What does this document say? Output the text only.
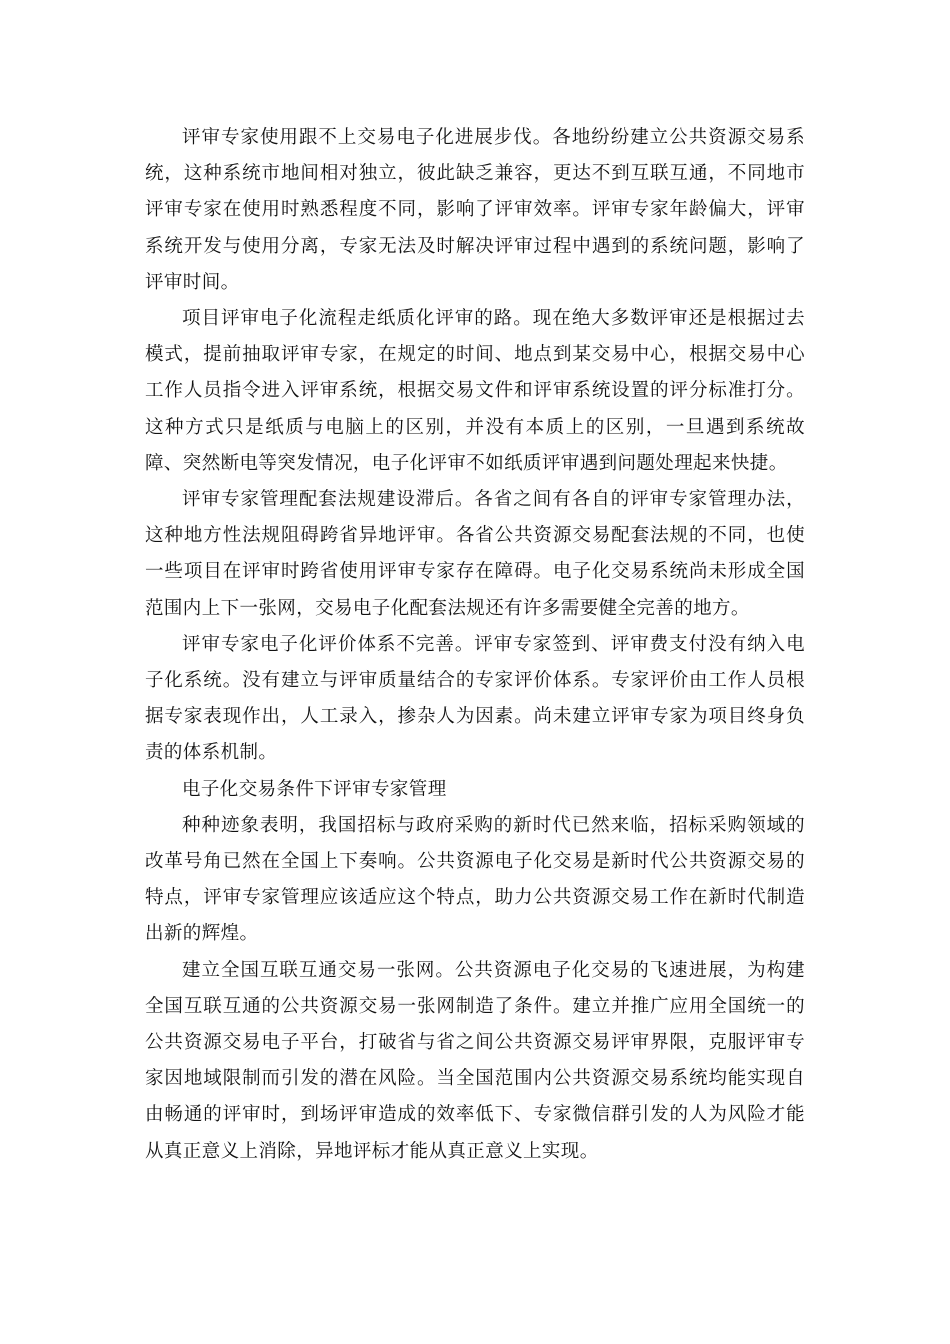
评审专家使用跟不上交易电子化进展步伐。各地纷纷建立公共资源交易系统，这种系统市地间相对独立，彼此缺乏兼容，更达不到互联互通，不同地市评审专家在使用时熟悉程度不同，影响了评审效率。评审专家年龄偏大，评审系统开发与使用分离，专家无法及时解决评审过程中遇到的系统问题，影响了评审时间。

项目评审电子化流程走纸质化评审的路。现在绝大多数评审还是根据过去模式，提前抽取评审专家，在规定的时间、地点到某交易中心，根据交易中心工作人员指令进入评审系统，根据交易文件和评审系统设置的评分标准打分。这种方式只是纸质与电脑上的区别，并没有本质上的区别，一旦遇到系统故障、突然断电等突发情况，电子化评审不如纸质评审遇到问题处理起来快捷。

评审专家管理配套法规建设滞后。各省之间有各自的评审专家管理办法，这种地方性法规阻碍跨省异地评审。各省公共资源交易配套法规的不同，也使一些项目在评审时跨省使用评审专家存在障碍。电子化交易系统尚未形成全国范围内上下一张网，交易电子化配套法规还有许多需要健全完善的地方。

评审专家电子化评价体系不完善。评审专家签到、评审费支付没有纳入电子化系统。没有建立与评审质量结合的专家评价体系。专家评价由工作人员根据专家表现作出，人工录入，掺杂人为因素。尚未建立评审专家为项目终身负责的体系机制。

电子化交易条件下评审专家管理

种种迹象表明，我国招标与政府采购的新时代已然来临，招标采购领域的改革号角已然在全国上下奏响。公共资源电子化交易是新时代公共资源交易的特点，评审专家管理应该适应这个特点，助力公共资源交易工作在新时代制造出新的辉煌。

建立全国互联互通交易一张网。公共资源电子化交易的飞速进展，为构建全国互联互通的公共资源交易一张网制造了条件。建立并推广应用全国统一的公共资源交易电子平台，打破省与省之间公共资源交易评审界限，克服评审专家因地域限制而引发的潜在风险。当全国范围内公共资源交易系统均能实现自由畅通的评审时，到场评审造成的效率低下、专家微信群引发的人为风险才能从真正意义上消除，异地评标才能从真正意义上实现。
